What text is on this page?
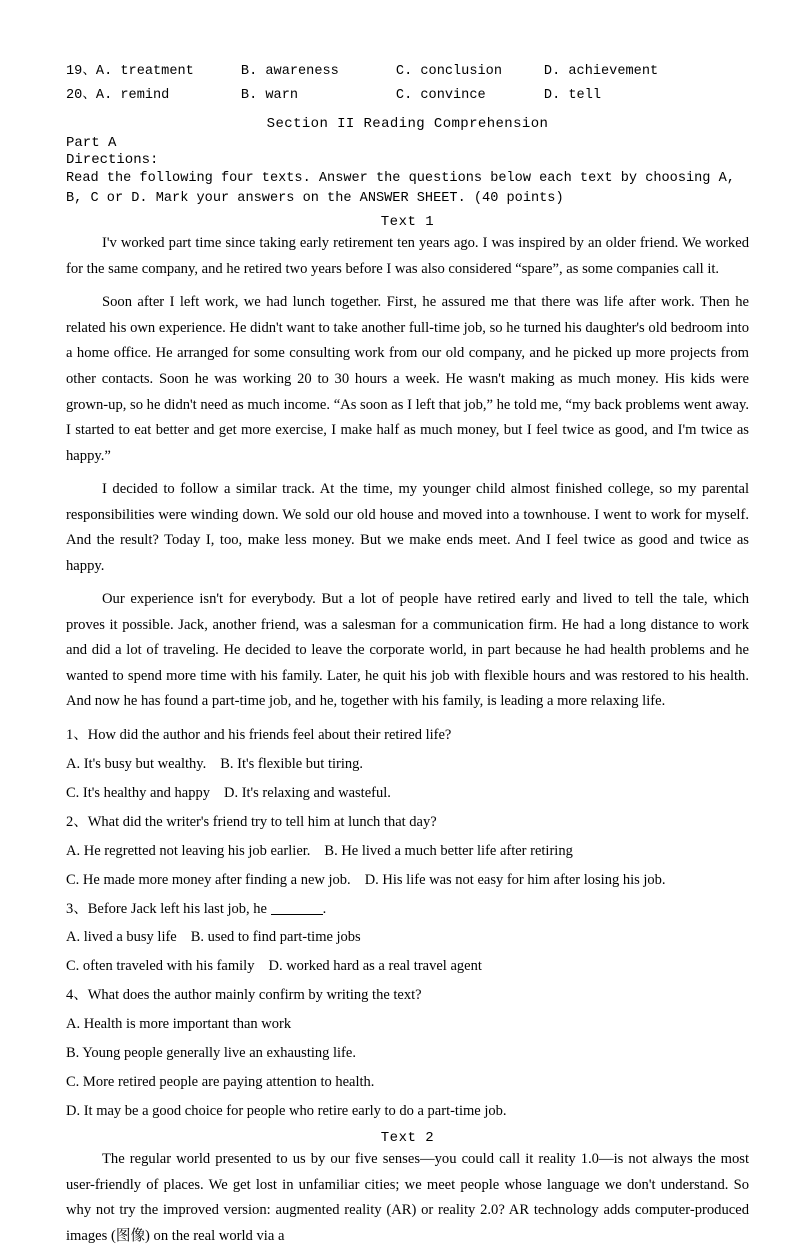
19、A. treatment	B. awareness	C. conclusion	D. achievement
20、A. remind	B. warn	C. convince	D. tell
Section II Reading Comprehension
Part A
Directions:
Read the following four texts. Answer the questions below each text by choosing A, B, C or D. Mark your answers on the ANSWER SHEET. (40 points)
Text 1

I'v worked part time since taking early retirement ten years ago. I was inspired by an older friend. We worked for the same company, and he retired two years before I was also considered “spare”, as some companies call it.

Soon after I left work, we had lunch together. First, he assured me that there was life after work. Then he related his own experience. He didn't want to take another full-time job, so he turned his daughter's old bedroom into a home office. He arranged for some consulting work from our old company, and he picked up more projects from other contacts. Soon he was working 20 to 30 hours a week. He wasn't making as much money. His kids were grown-up, so he didn't need as much income. “As soon as I left that job,” he told me, “my back problems went away. I started to eat better and get more exercise, I make half as much money, but I feel twice as good, and I'm twice as happy.”

I decided to follow a similar track. At the time, my younger child almost finished college, so my parental responsibilities were winding down. We sold our old house and moved into a townhouse. I went to work for myself. And the result? Today I, too, make less money. But we make ends meet. And I feel twice as good and twice as happy.

Our experience isn't for everybody. But a lot of people have retired early and lived to tell the tale, which proves it possible. Jack, another friend, was a salesman for a communication firm. He had a long distance to work and did a lot of traveling. He decided to leave the corporate world, in part because he had health problems and he wanted to spend more time with his family. Later, he quit his job with flexible hours and was restored to his health. And now he has found a part-time job, and he, together with his family, is leading a more relaxing life.

1、How did the author and his friends feel about their retired life?

A. It's busy but wealthy. B. It's flexible but tiring.

C. It's healthy and happy D. It's relaxing and wasteful.

2、What did the writer's friend try to tell him at lunch that day?

A. He regretted not leaving his job earlier. B. He lived a much better life after retiring

C. He made more money after finding a new job. D. His life was not easy for him after losing his job.

3、Before Jack left his last job, he	.

A. lived a busy life B. used to find part-time jobs

C. often traveled with his family D. worked hard as a real travel agent

4、What does the author mainly confirm by writing the text?

A. Health is more important than work

B. Young people generally live an exhausting life.

C. More retired people are paying attention to health.

D. It may be a good choice for people who retire early to do a part-time job.

Text 2

The regular world presented to us by our five senses—you could call it reality 1.0—is not always the most user-friendly of places. We get lost in unfamiliar cities; we meet people whose language we don't understand. So why not try the improved version: augmented reality (AR) or reality 2.0? AR technology adds computer-produced images (图像) on the real world via a
